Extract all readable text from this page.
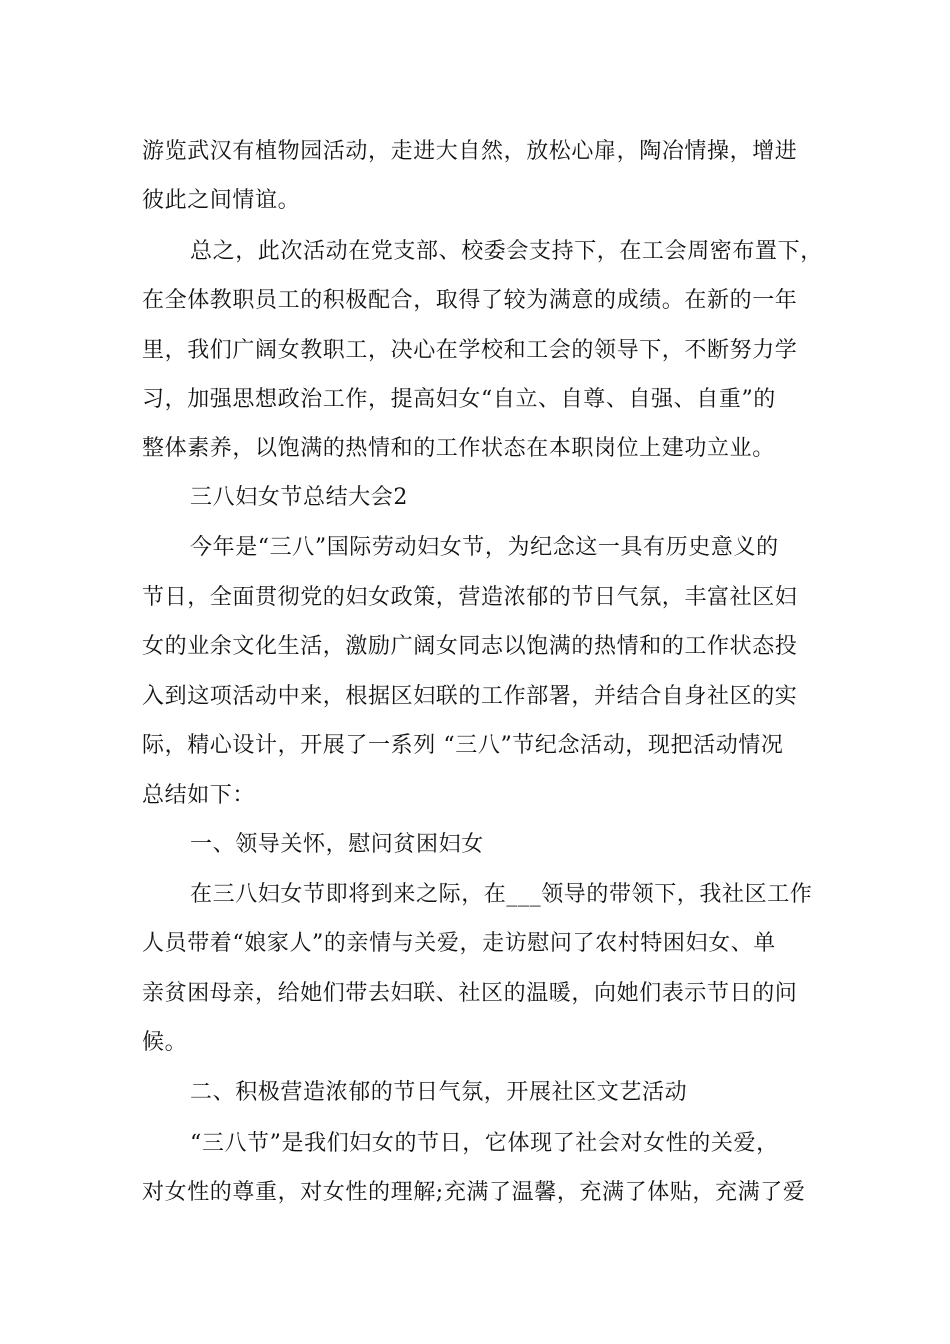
游览武汉有植物园活动，走进大自然，放松心扉，陶冶情操，增进
彼此之间情谊。
总之，此次活动在党支部、校委会支持下，在工会周密布置下，
在全体教职员工的积极配合，取得了较为满意的成绩。在新的一年
里，我们广阔女教职工，决心在学校和工会的领导下，不断努力学
习，加强思想政治工作，提高妇女“自立、自尊、自强、自重”的
整体素养，以饱满的热情和的工作状态在本职岗位上建功立业。
三八妇女节总结大会2
今年是“三八”国际劳动妇女节，为纪念这一具有历史意义的
节日，全面贯彻党的妇女政策，营造浓郁的节日气氛，丰富社区妇
女的业余文化生活，激励广阔女同志以饱满的热情和的工作状态投
入到这项活动中来，根据区妇联的工作部署，并结合自身社区的实
际，精心设计，开展了一系列 “三八”节纪念活动，现把活动情况
总结如下：
一、领导关怀，慰问贫困妇女
在三八妇女节即将到来之际，在___领导的带领下，我社区工作
人员带着“娘家人”的亲情与关爱，走访慰问了农村特困妇女、单
亲贫困母亲，给她们带去妇联、社区的温暖，向她们表示节日的问
候。
二、积极营造浓郁的节日气氛，开展社区文艺活动
“三八节”是我们妇女的节日，它体现了社会对女性的关爱，
对女性的尊重，对女性的理解;充满了温馨，充满了体贴，充满了爱
